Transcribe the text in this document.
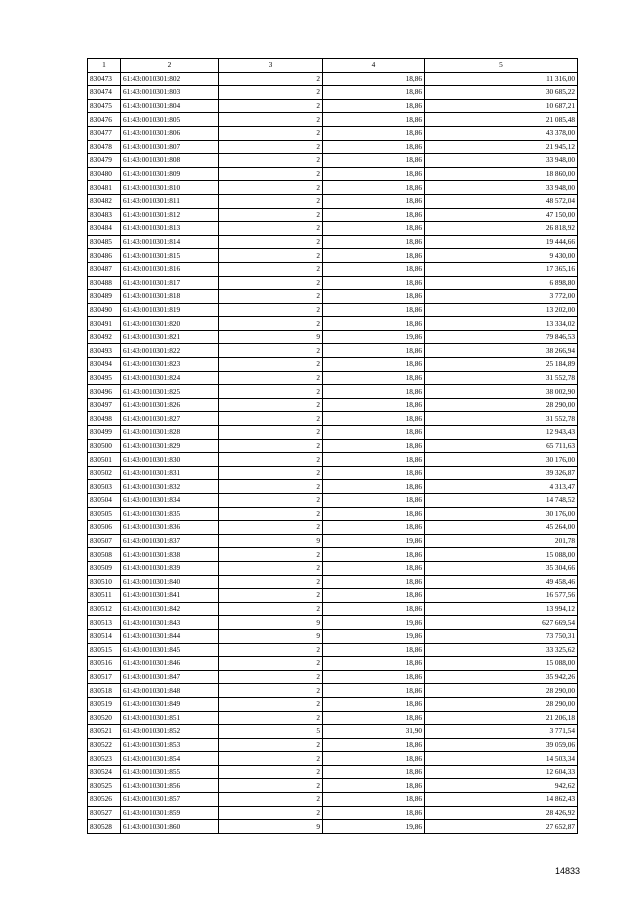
1	2	3	4	5
830473	61:43:0010301:802	2	18,86	11 316,00
830474	61:43:0010301:803	2	18,86	30 685,22
830475	61:43:0010301:804	2	18,86	10 687,21
830476	61:43:0010301:805	2	18,86	21 085,48
830477	61:43:0010301:806	2	18,86	43 378,00
830478	61:43:0010301:807	2	18,86	21 945,12
830479	61:43:0010301:808	2	18,86	33 948,00
830480	61:43:0010301:809	2	18,86	18 860,00
830481	61:43:0010301:810	2	18,86	33 948,00
830482	61:43:0010301:811	2	18,86	48 572,04
830483	61:43:0010301:812	2	18,86	47 150,00
830484	61:43:0010301:813	2	18,86	26 818,92
830485	61:43:0010301:814	2	18,86	19 444,66
830486	61:43:0010301:815	2	18,86	9 430,00
830487	61:43:0010301:816	2	18,86	17 365,16
830488	61:43:0010301:817	2	18,86	6 898,80
830489	61:43:0010301:818	2	18,86	3 772,00
830490	61:43:0010301:819	2	18,86	13 202,00
830491	61:43:0010301:820	2	18,86	13 334,02
830492	61:43:0010301:821	9	19,86	79 846,53
830493	61:43:0010301:822	2	18,86	38 266,94
830494	61:43:0010301:823	2	18,86	25 184,89
830495	61:43:0010301:824	2	18,86	31 552,78
830496	61:43:0010301:825	2	18,86	38 002,90
830497	61:43:0010301:826	2	18,86	28 290,00
830498	61:43:0010301:827	2	18,86	31 552,78
830499	61:43:0010301:828	2	18,86	12 943,43
830500	61:43:0010301:829	2	18,86	65 711,63
830501	61:43:0010301:830	2	18,86	30 176,00
830502	61:43:0010301:831	2	18,86	39 326,87
830503	61:43:0010301:832	2	18,86	4 313,47
830504	61:43:0010301:834	2	18,86	14 748,52
830505	61:43:0010301:835	2	18,86	30 176,00
830506	61:43:0010301:836	2	18,86	45 264,00
830507	61:43:0010301:837	9	19,86	201,78
830508	61:43:0010301:838	2	18,86	15 088,00
830509	61:43:0010301:839	2	18,86	35 304,66
830510	61:43:0010301:840	2	18,86	49 458,46
830511	61:43:0010301:841	2	18,86	16 577,56
830512	61:43:0010301:842	2	18,86	13 994,12
830513	61:43:0010301:843	9	19,86	627 669,54
830514	61:43:0010301:844	9	19,86	73 750,31
830515	61:43:0010301:845	2	18,86	33 325,62
830516	61:43:0010301:846	2	18,86	15 088,00
830517	61:43:0010301:847	2	18,86	35 942,26
830518	61:43:0010301:848	2	18,86	28 290,00
830519	61:43:0010301:849	2	18,86	28 290,00
830520	61:43:0010301:851	2	18,86	21 206,18
830521	61:43:0010301:852	5	31,90	3 771,54
830522	61:43:0010301:853	2	18,86	39 059,06
830523	61:43:0010301:854	2	18,86	14 503,34
830524	61:43:0010301:855	2	18,86	12 604,33
830525	61:43:0010301:856	2	18,86	942,62
830526	61:43:0010301:857	2	18,86	14 862,43
830527	61:43:0010301:859	2	18,86	28 426,92
830528	61:43:0010301:860	9	19,86	27 652,87
14833
